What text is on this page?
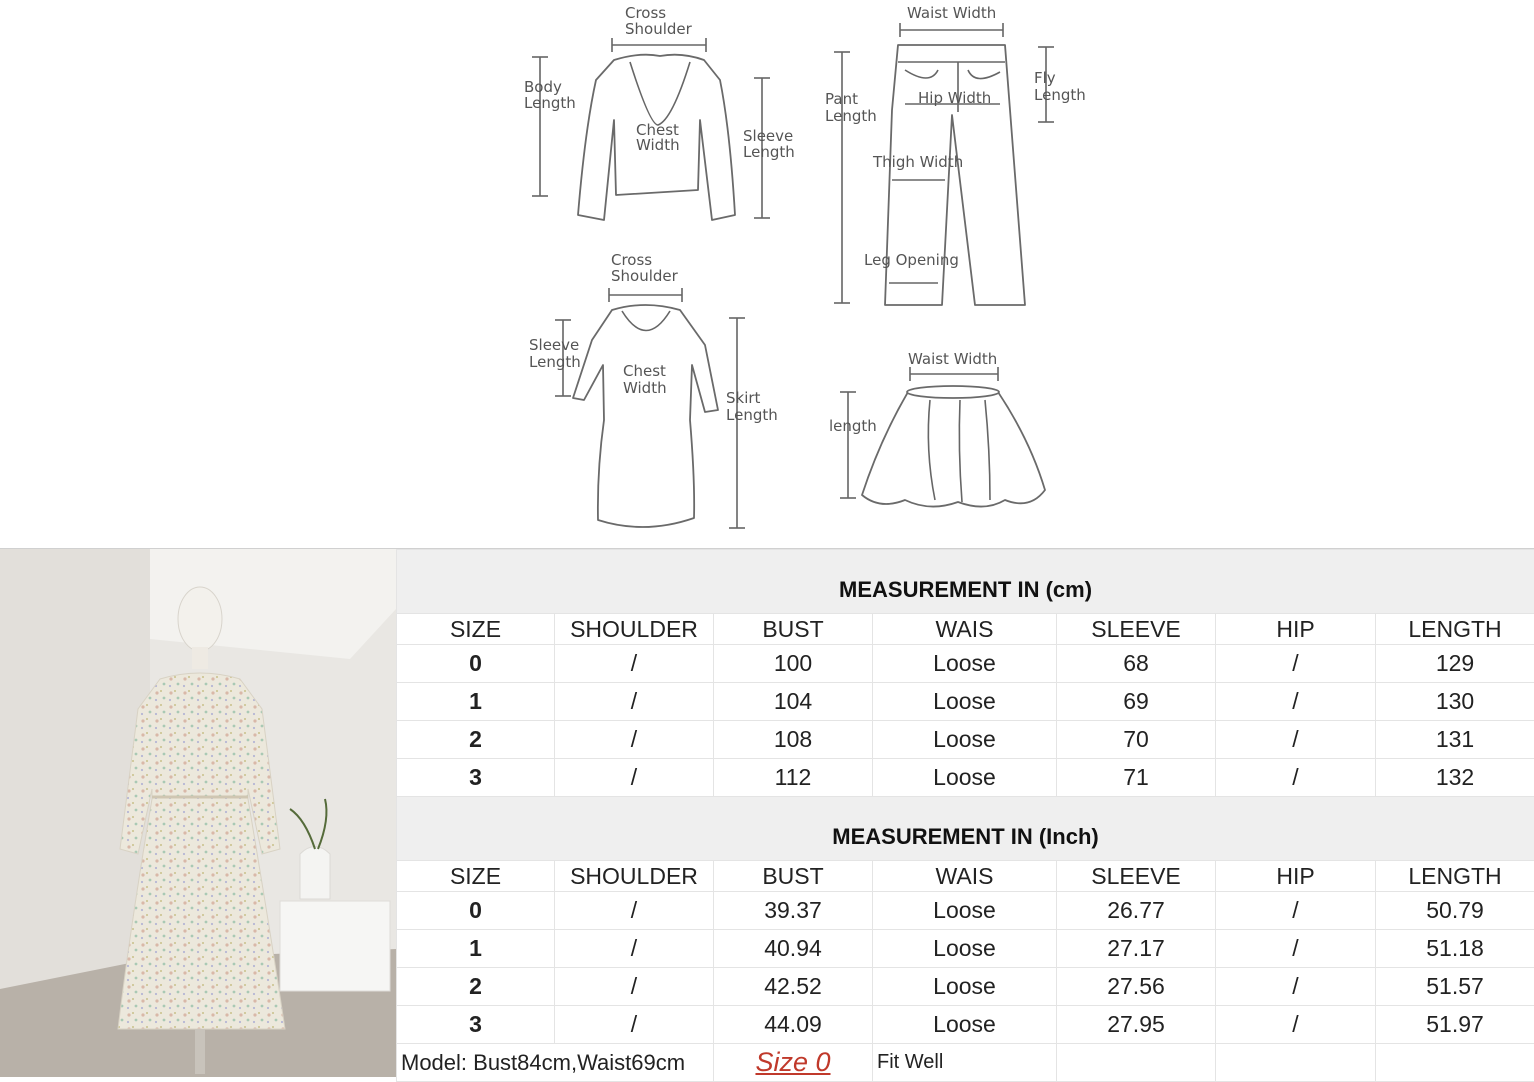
Cross
Shoulder
Body
Length
Chest
Width	Sleeve
Length
Waist Width
Fly
Length
Pant
Length
Hip Width
Thigh Width
Leg Opening
Cross
Shoulder
Sleeve
Length	Chest
Width
Skirt
Length
Waist Width
length
MEASUREMENT IN (cm)						
SIZE	SHOULDER	BUST	WAIS	SLEEVE	HIP	LENGTH
0	/	100	Loose	68	/	129
1	/	104	Loose	69	/	130
2	/	108	Loose	70	/	131
3	/	112	Loose	71	/	132
MEASUREMENT IN (Inch)						
SIZE	SHOULDER	BUST	WAIS	SLEEVE	HIP	LENGTH
0	/	39.37	Loose	26.77	/	50.79
1	/	40.94	Loose	27.17	/	51.18
2	/	42.52	Loose	27.56	/	51.57
3	/	44.09	Loose	27.95	/	51.97
Model: Bust84cm,Waist69cm		Size 0	Fit Well			
